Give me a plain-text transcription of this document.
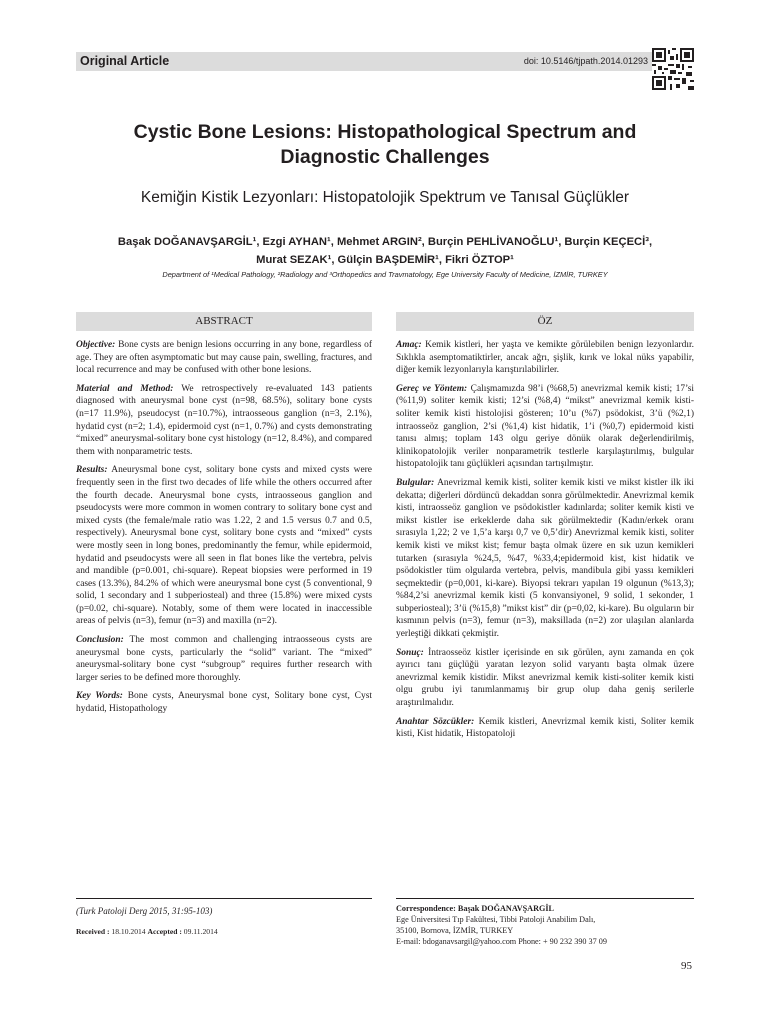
Original Article	doi: 10.5146/tjpath.2014.01293
Cystic Bone Lesions: Histopathological Spectrum and
Diagnostic Challenges
Kemiğin Kistik Lezyonları: Histopatolojik Spektrum ve Tanısal Güçlükler
Başak DOĞANAVŞARGİL¹, Ezgi AYHAN¹, Mehmet ARGIN², Burçin PEHLİVANOĞLU¹, Burçin KEÇECİ³,
Murat SEZAK¹, Gülçin BAŞDEMİR¹, Fikri ÖZTOP¹
Department of ¹Medical Pathology, ²Radiology and ³Orthopedics and Travmatology, Ege University Faculty of Medicine, İZMİR, TURKEY
ABSTRACT	ÖZ

Objective: Bone cysts are benign lesions occurring in any bone, regardless of age. They are often asymptomatic but may cause pain, swelling, fractures, and local recurrence and may be confused with other bone lesions.

Material and Method: We retrospectively re-evaluated 143 patients diagnosed with aneurysmal bone cyst (n=98, 68.5%), solitary bone cysts (n=17 11.9%), pseudocyst (n=10.7%), intraosseous ganglion (n=3, 2.1%), hydatid cyst (n=2; 1.4), epidermoid cyst (n=1, 0.7%) and cysts demonstrating “mixed” aneurysmal-solitary bone cyst histology (n=12, 8.4%), and compared them with nonparametric tests.

Results: Aneurysmal bone cyst, solitary bone cysts and mixed cysts were frequently seen in the first two decades of life while the others occurred after the fourth decade. Aneurysmal bone cysts, intraosseous ganglion and pseudocysts were more common in women contrary to solitary bone cyst and mixed cysts (the female/male ratio was 1.22, 2 and 1.5 versus 0.7 and 0.5, respectively). Aneurysmal bone cyst, solitary bone cysts and “mixed” cysts were mostly seen in long bones, predominantly the femur, while epidermoid, hydatid and pseudocysts were all seen in flat bones like the vertebra, pelvis and mandible (p=0.001, chi-square). Repeat biopsies were performed in 19 cases (13.3%), 84.2% of which were aneurysmal bone cyst (5 conventional, 9 solid, 1 secondary and 1 subperiosteal) and three (15.8%) were mixed cysts (p=0.02, chi-square). Notably, some of them were located in inaccessible areas of pelvis (n=3), femur (n=3) and maxilla (n=2).

Conclusion: The most common and challenging intraosseous cysts are aneurysmal bone cysts, particularly the “solid” variant. The “mixed” aneurysmal-solitary bone cyst “subgroup” requires further research with larger series to be defined more thoroughly.

Key Words: Bone cysts, Aneurysmal bone cyst, Solitary bone cyst, Cyst hydatid, Histopathology

Amaç: Kemik kistleri, her yaşta ve kemikte görülebilen benign lezyonlardır. Sıklıkla asemptomatiktirler, ancak ağrı, şişlik, kırık ve lokal nüks yapabilir, diğer kemik lezyonlarıyla karıştırılabilirler.

Gereç ve Yöntem: Çalışmamızda 98’i (%68,5) anevrizmal kemik kisti; 17’si (%11,9) soliter kemik kisti; 12’si (%8,4) “mikst” anevrizmal kemik kisti-soliter kemik kisti histolojisi gösteren; 10’u (%7) psödokist, 3’ü (%2,1) intraosseöz ganglion, 2’si (%1,4) kist hidatik, 1’i (%0,7) epidermoid kisti tanısı almış; toplam 143 olgu geriye dönük olarak değerlendirilmiş, klinikopatolojik veriler nonparametrik testlerle karşılaştırılmış, bulgular histopatolojik tanı güçlükleri açısından tartışılmıştır.

Bulgular: Anevrizmal kemik kisti, soliter kemik kisti ve mikst kistler ilk iki dekatta; diğerleri dördüncü dekaddan sonra görülmektedir. Anevrizmal kemik kisti, intraosseöz ganglion ve psödokistler kadınlarda; soliter kemik kisti ve mikst kistler ise erkeklerde daha sık görülmektedir (Kadın/erkek oranı sırasıyla 1,22; 2 ve 1,5’a karşı 0,7 ve 0,5’dir) Anevrizmal kemik kisti, soliter kemik kisti ve mikst kist; femur başta olmak üzere en sık uzun kemikleri tutarken (sırasıyla %24,5, %47, %33,4;epidermoid kist, kist hidatik ve psödokistler tüm olgularda vertebra, pelvis, mandibula gibi yassı kemikleri seçmektedir (p=0,001, ki-kare). Biyopsi tekrarı yapılan 19 olgunun (%13,3); %84,2’si anevrizmal kemik kisti (5 konvansiyonel, 9 solid, 1 sekonder, 1 subperiosteal); 3’ü (%15,8) ”mikst kist” dir (p=0,02, ki-kare). Bu olguların bir kısmının pelvis (n=3), femur (n=3), maksillada (n=2) zor ulaşılan alanlarda yerleştiği dikkati çekmiştir.

Sonuç: İntraosseöz kistler içerisinde en sık görülen, aynı zamanda en çok ayırıcı tanı güçlüğü yaratan lezyon solid varyantı başta olmak üzere anevrizmal kemik kistidir. Mikst anevrizmal kemik kisti-soliter kemik kisti olgu grubu iyi tanımlanmamış bir grup olup daha geniş serilerle araştırılmalıdır.

Anahtar Sözcükler: Kemik kistleri, Anevrizmal kemik kisti, Soliter kemik kisti, Kist hidatik, Histopatoloji

(Turk Patoloji Derg 2015, 31:95-103)
Received : 18.10.2014 Accepted : 09.11.2014
Correspondence: Başak DOĞANAVŞARGİL
Ege Üniversitesi Tıp Fakültesi, Tibbi Patoloji Anabilim Dalı,
35100, Bornova, İZMİR, TURKEY
E-mail: bdoganavsargil@yahoo.com Phone: + 90 232 390 37 09
95
